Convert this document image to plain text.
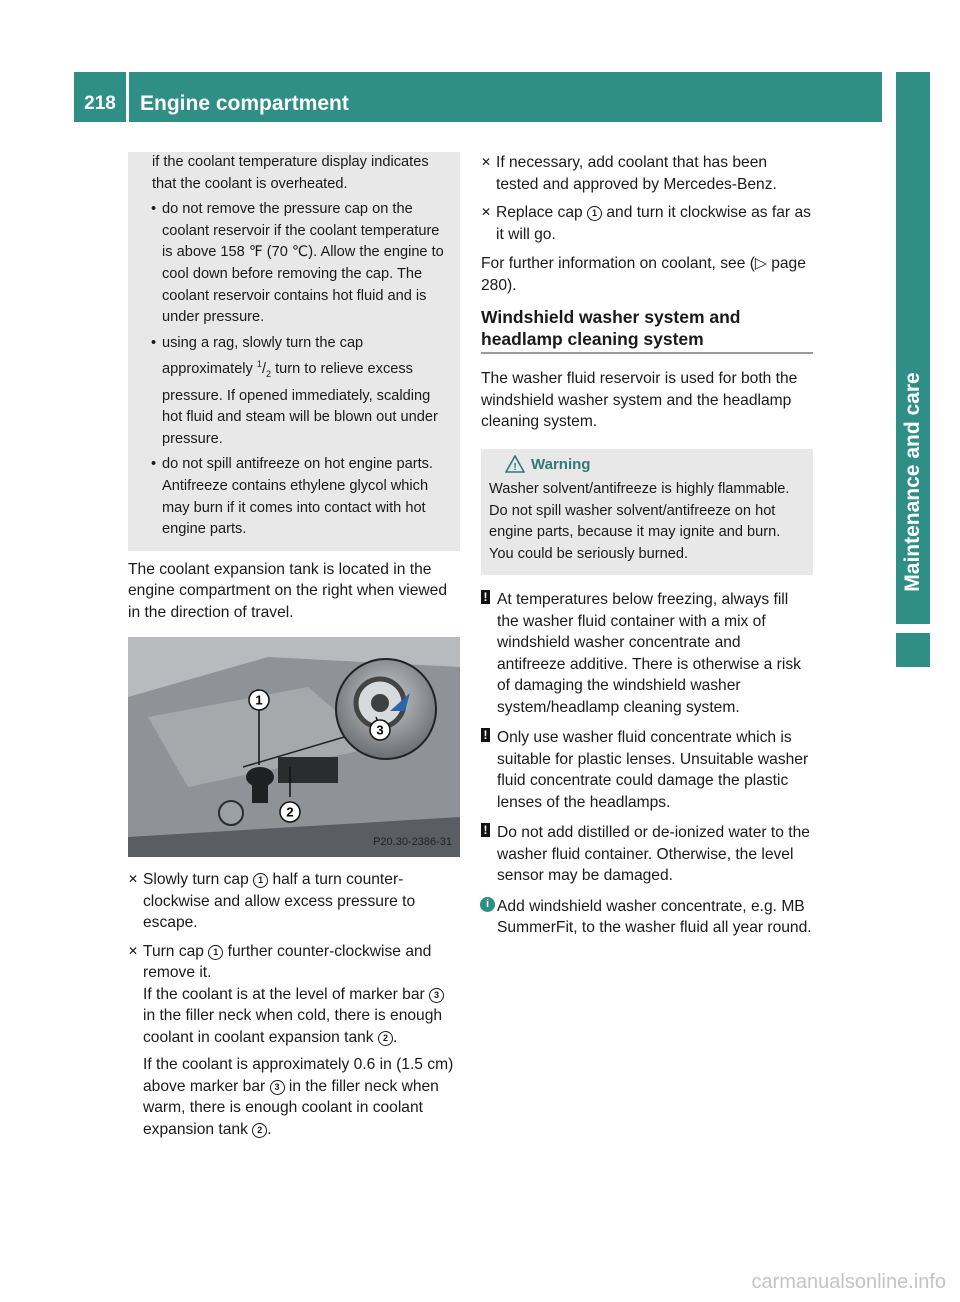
218	Engine compartment
Maintenance and care

if the coolant temperature display indicates that the coolant is overheated.

• do not remove the pressure cap on the coolant reservoir if the coolant temperature is above 158 ℉ (70 ℃). Allow the engine to cool down before removing the cap. The coolant reservoir contains hot fluid and is under pressure.
• using a rag, slowly turn the cap approximately $^1/_2$ turn to relieve excess pressure. If opened immediately, scalding hot fluid and steam will be blown out under pressure.
• do not spill antifreeze on hot engine parts. Antifreeze contains ethylene glycol which may burn if it comes into contact with hot engine parts.

The coolant expansion tank is located in the engine compartment on the right when viewed in the direction of travel.

1
2
3
P20.30-2386-31
✕ Slowly turn cap 1 half a turn counter-clockwise and allow excess pressure to escape.
✕ Turn cap 1 further counter-clockwise and remove it.
If the coolant is at the level of marker bar 3 in the filler neck when cold, there is enough coolant in coolant expansion tank 2 .

If the coolant is approximately 0.6 in (1.5 cm) above marker bar 3 in the filler neck when warm, there is enough coolant in coolant expansion tank 2 .

✕ If necessary, add coolant that has been tested and approved by Mercedes-Benz.
✕ Replace cap 1 and turn it clockwise as far as it will go.

For further information on coolant, see (▷ page 280).

Windshield washer system and headlamp cleaning system

The washer fluid reservoir is used for both the windshield washer system and the headlamp cleaning system.

! Warning

Washer solvent/antifreeze is highly flammable. Do not spill washer solvent/antifreeze on hot engine parts, because it may ignite and burn. You could be seriously burned.

! At temperatures below freezing, always fill the washer fluid container with a mix of windshield washer concentrate and antifreeze additive. There is otherwise a risk of damaging the windshield washer system/headlamp cleaning system.
! Only use washer fluid concentrate which is suitable for plastic lenses. Unsuitable washer fluid concentrate could damage the plastic lenses of the headlamps.
! Do not add distilled or de-ionized water to the washer fluid container. Otherwise, the level sensor may be damaged.
i Add windshield washer concentrate, e.g. MB SummerFit, to the washer fluid all year round.
carmanualsonline.info
